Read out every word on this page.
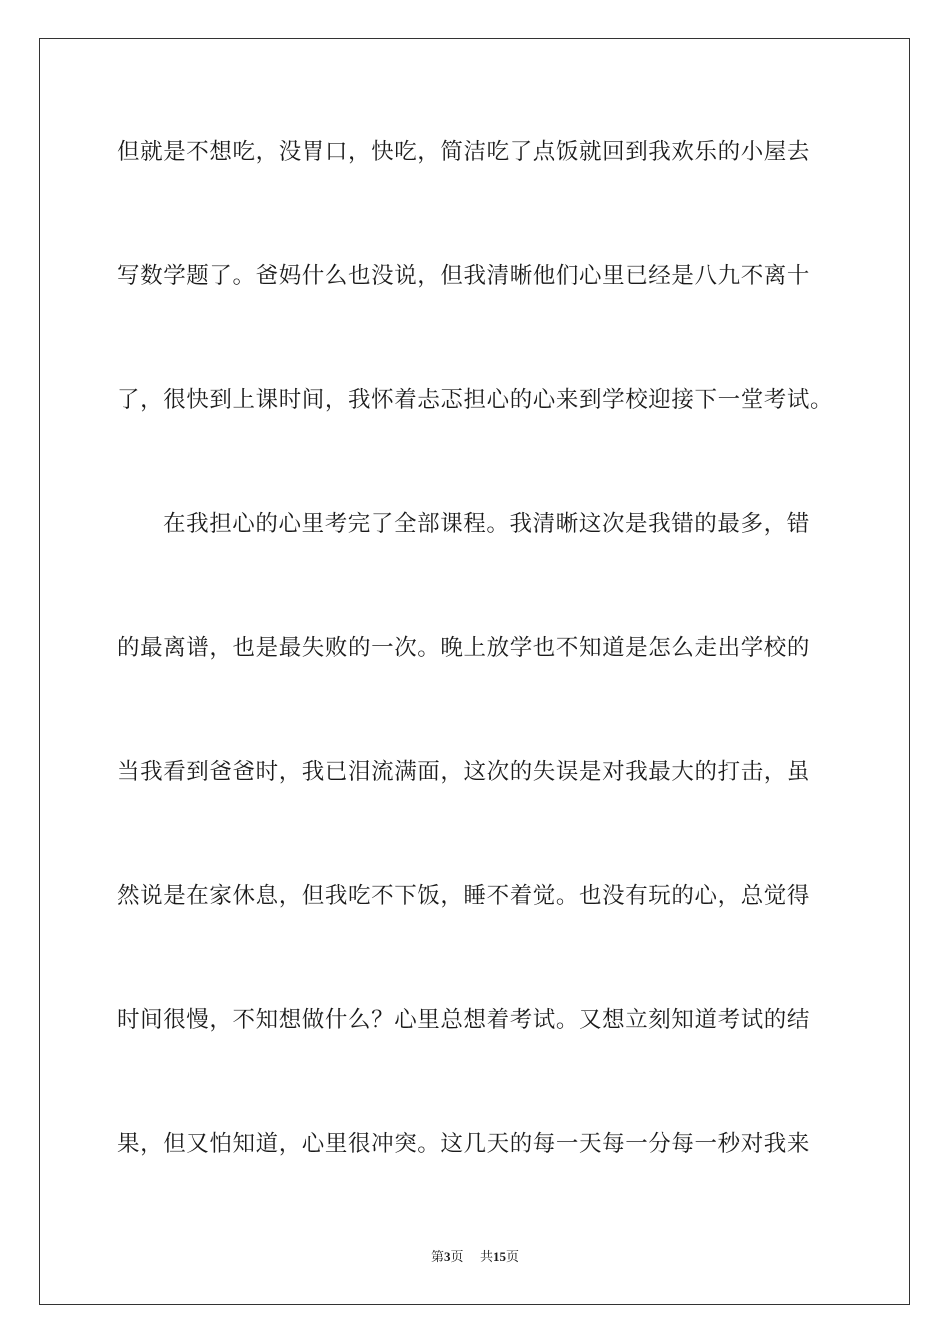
但就是不想吃，没胃口，快吃，简洁吃了点饭就回到我欢乐的小屋去
写数学题了。爸妈什么也没说，但我清晰他们心里已经是八九不离十
了，很快到上课时间，我怀着忐忑担心的心来到学校迎接下一堂考试。
在我担心的心里考完了全部课程。我清晰这次是我错的最多，错
的最离谱，也是最失败的一次。晚上放学也不知道是怎么走出学校的
当我看到爸爸时，我已泪流满面，这次的失误是对我最大的打击，虽
然说是在家休息，但我吃不下饭，睡不着觉。也没有玩的心，总觉得
时间很慢，不知想做什么？心里总想着考试。又想立刻知道考试的结
果，但又怕知道，心里很冲突。这几天的每一天每一分每一秒对我来
第3页 共15页
